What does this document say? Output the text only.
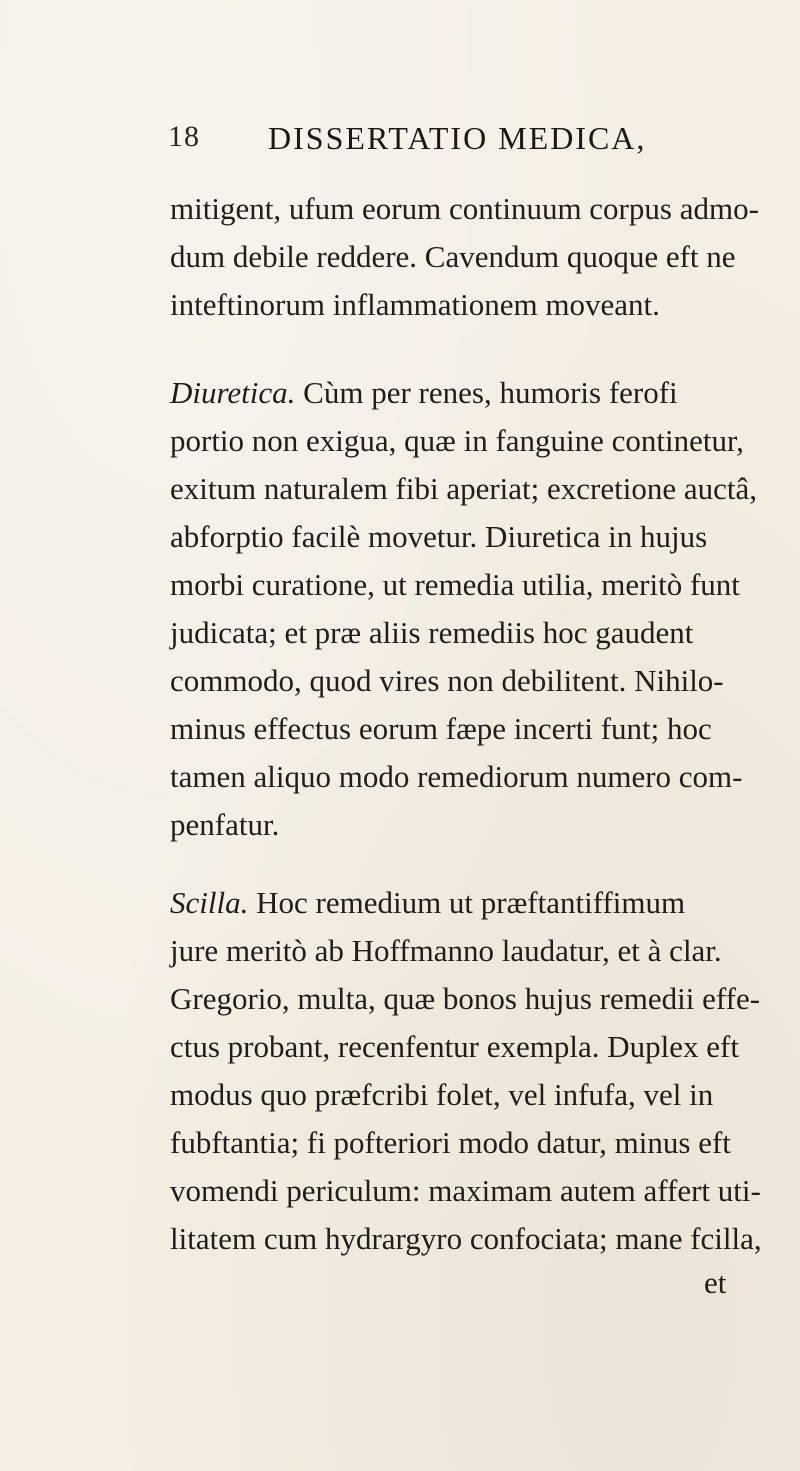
18 DISSERTATIO MEDICA,
mitigent, ufum eorum continuum corpus admo-
dum debile reddere. Cavendum quoque eft ne
inteftinorum inflammationem moveant.
Diuretica. Cùm per renes, humoris ferofi
portio non exigua, quæ in fanguine continetur,
exitum naturalem fibi aperiat; excretione auctâ,
abforptio facilè movetur. Diuretica in hujus
morbi curatione, ut remedia utilia, meritò funt
judicata; et præ aliis remediis hoc gaudent
commodo, quod vires non debilitent. Nihilo-
minus effectus eorum fæpe incerti funt; hoc
tamen aliquo modo remediorum numero com-
penfatur.
Scilla. Hoc remedium ut præftantiffimum
jure meritò ab Hoffmanno laudatur, et à clar.
Gregorio, multa, quæ bonos hujus remedii effe-
ctus probant, recenfentur exempla. Duplex eft
modus quo præfcribi folet, vel infufa, vel in
fubftantia; fi pofteriori modo datur, minus eft
vomendi periculum: maximam autem affert uti-
litatem cum hydrargyro confociata; mane fcilla,
et
